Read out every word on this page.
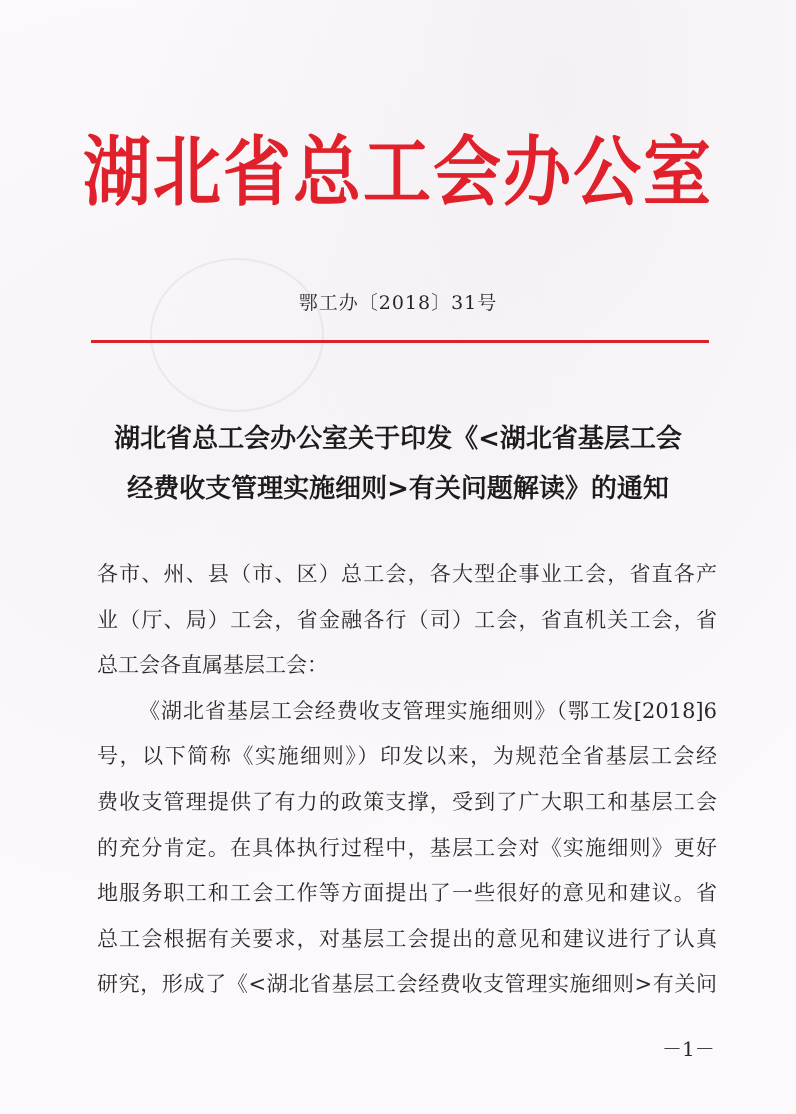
湖北省总工会办公室
鄂工办〔2018〕31号
湖北省总工会办公室关于印发《<湖北省基层工会
经费收支管理实施细则>有关问题解读》的通知

各市、州、县（市、区）总工会，各大型企事业工会，省直各产
业（厅、局）工会，省金融各行（司）工会，省直机关工会，省
总工会各直属基层工会：

《湖北省基层工会经费收支管理实施细则》（鄂工发[2018]6
号，以下简称《实施细则》）印发以来，为规范全省基层工会经
费收支管理提供了有力的政策支撑，受到了广大职工和基层工会
的充分肯定。在具体执行过程中，基层工会对《实施细则》更好
地服务职工和工会工作等方面提出了一些很好的意见和建议。省
总工会根据有关要求，对基层工会提出的意见和建议进行了认真
研究，形成了《<湖北省基层工会经费收支管理实施细则>有关问

－1－
